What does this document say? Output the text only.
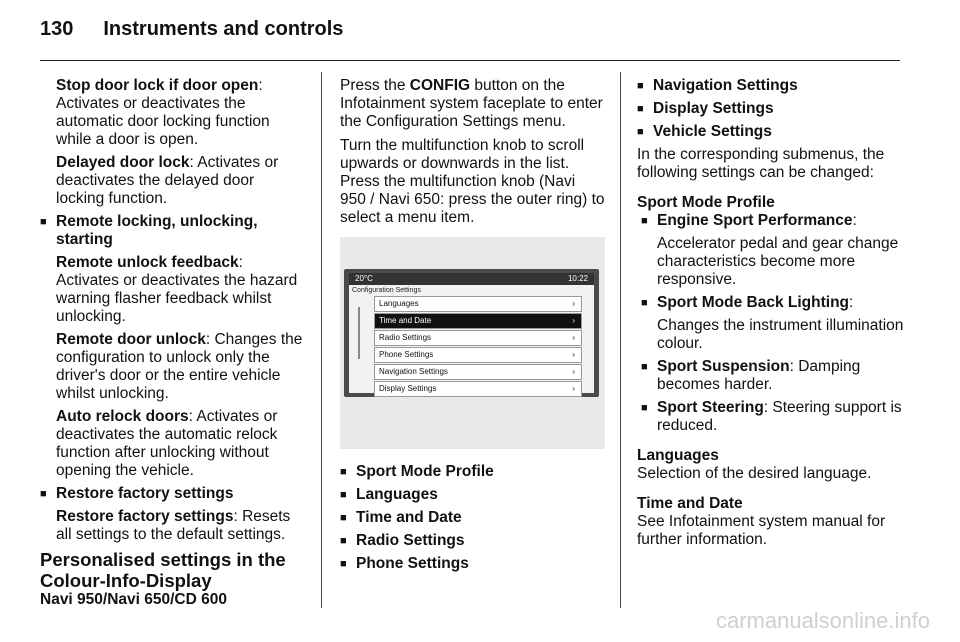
130 Instruments and controls

Stop door lock if door open: Activates or deactivates the automatic door locking function while a door is open.

Delayed door lock: Activates or deactivates the delayed door locking function.

■ Remote locking, unlocking, starting

Remote unlock feedback: Activates or deactivates the hazard warning flasher feedback whilst unlocking.

Remote door unlock: Changes the configuration to unlock only the driver's door or the entire vehicle whilst unlocking.

Auto relock doors: Activates or deactivates the automatic relock function after unlocking without opening the vehicle.

■ Restore factory settings

Restore factory settings: Resets all settings to the default settings.

Personalised settings in the Colour-Info-Display

Navi 950/Navi 650/CD 600

Press the CONFIG button on the Infotainment system faceplate to enter the Configuration Settings menu.

Turn the multifunction knob to scroll upwards or downwards in the list. Press the multifunction knob (Navi 950 / Navi 650: press the outer ring) to select a menu item.

20°C	10:22
Configuration Settings
Languages	›
Time and Date	›
Radio Settings	›
Phone Settings	›
Navigation Settings	›
Display Settings	›
■ Sport Mode Profile
■ Languages
■ Time and Date
■ Radio Settings
■ Phone Settings
■ Navigation Settings
■ Display Settings
■ Vehicle Settings

In the corresponding submenus, the following settings can be changed:

Sport Mode Profile

■ Engine Sport Performance:

Accelerator pedal and gear change characteristics become more responsive.

■ Sport Mode Back Lighting:

Changes the instrument illumination colour.

■ Sport Suspension: Damping becomes harder.
■ Sport Steering: Steering support is reduced.

Languages

Selection of the desired language.

Time and Date

See Infotainment system manual for further information.

carmanualsonline.info
